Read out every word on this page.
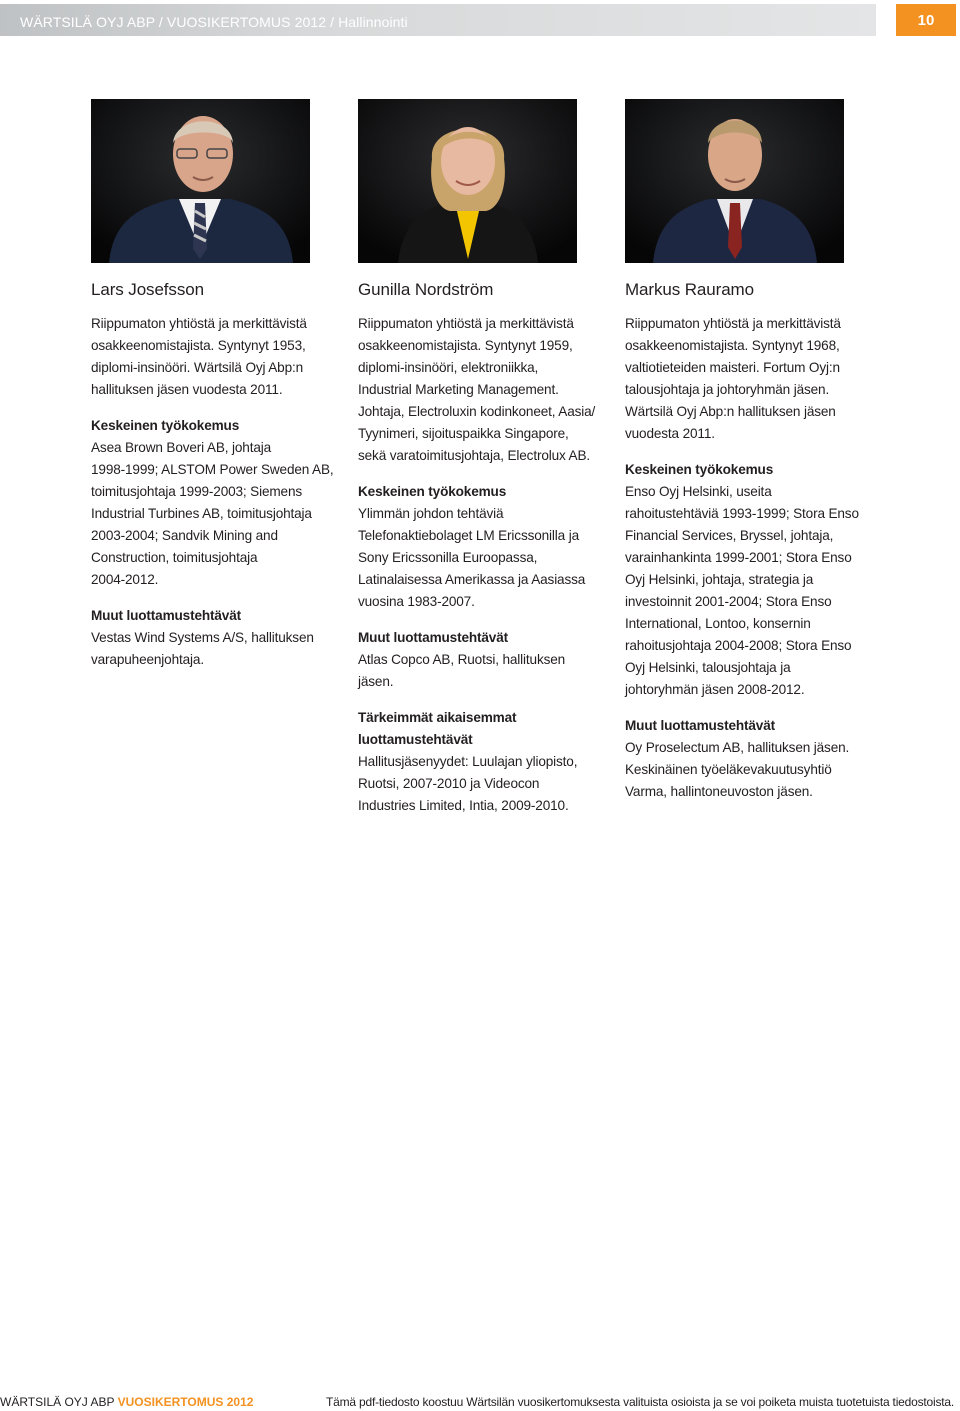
WÄRTSILÄ OYJ ABP / VUOSIKERTOMUS 2012 / Hallinnointi	10
Lars Josefsson

Riippumaton yhtiöstä ja merkittävistä
osakkeenomistajista. Syntynyt 1953,
diplomi-insinööri. Wärtsilä Oyj Abp:n
hallituksen jäsen vuodesta 2011.

Keskeinen työkokemus
Asea Brown Boveri AB, johtaja
1998-1999; ALSTOM Power Sweden AB,
toimitusjohtaja 1999-2003; Siemens
Industrial Turbines AB, toimitusjohtaja
2003-2004; Sandvik Mining and
Construction, toimitusjohtaja
2004-2012.

Muut luottamustehtävät
Vestas Wind Systems A/S, hallituksen
varapuheenjohtaja.

Gunilla Nordström

Riippumaton yhtiöstä ja merkittävistä
osakkeenomistajista. Syntynyt 1959,
diplomi-insinööri, elektroniikka,
Industrial Marketing Management.
Johtaja, Electroluxin kodinkoneet, Aasia/
Tyynimeri, sijoituspaikka Singapore,
sekä varatoimitusjohtaja, Electrolux AB.

Keskeinen työkokemus
Ylimmän johdon tehtäviä
Telefonaktiebolaget LM Ericssonilla ja
Sony Ericssonilla Euroopassa,
Latinalaisessa Amerikassa ja Aasiassa
vuosina 1983-2007.

Muut luottamustehtävät
Atlas Copco AB, Ruotsi, hallituksen
jäsen.

Tärkeimmät aikaisemmat
luottamustehtävät
Hallitusjäsenyydet: Luulajan yliopisto,
Ruotsi, 2007-2010 ja Videocon
Industries Limited, Intia, 2009-2010.

Markus Rauramo

Riippumaton yhtiöstä ja merkittävistä
osakkeenomistajista. Syntynyt 1968,
valtiotieteiden maisteri. Fortum Oyj:n
talousjohtaja ja johtoryhmän jäsen.
Wärtsilä Oyj Abp:n hallituksen jäsen
vuodesta 2011.

Keskeinen työkokemus
Enso Oyj Helsinki, useita
rahoitustehtäviä 1993-1999; Stora Enso
Financial Services, Bryssel, johtaja,
varainhankinta 1999-2001; Stora Enso
Oyj Helsinki, johtaja, strategia ja
investoinnit 2001-2004; Stora Enso
International, Lontoo, konsernin
rahoitusjohtaja 2004-2008; Stora Enso
Oyj Helsinki, talousjohtaja ja
johtoryhmän jäsen 2008-2012.

Muut luottamustehtävät
Oy Proselectum AB, hallituksen jäsen.
Keskinäinen työeläkevakuutusyhtiö
Varma, hallintoneuvoston jäsen.

WÄRTSILÄ OYJ ABP VUOSIKERTOMUS 2012	Tämä pdf-tiedosto koostuu Wärtsilän vuosikertomuksesta valituista osioista ja se voi poiketa muista tuotetuista tiedostoista.
